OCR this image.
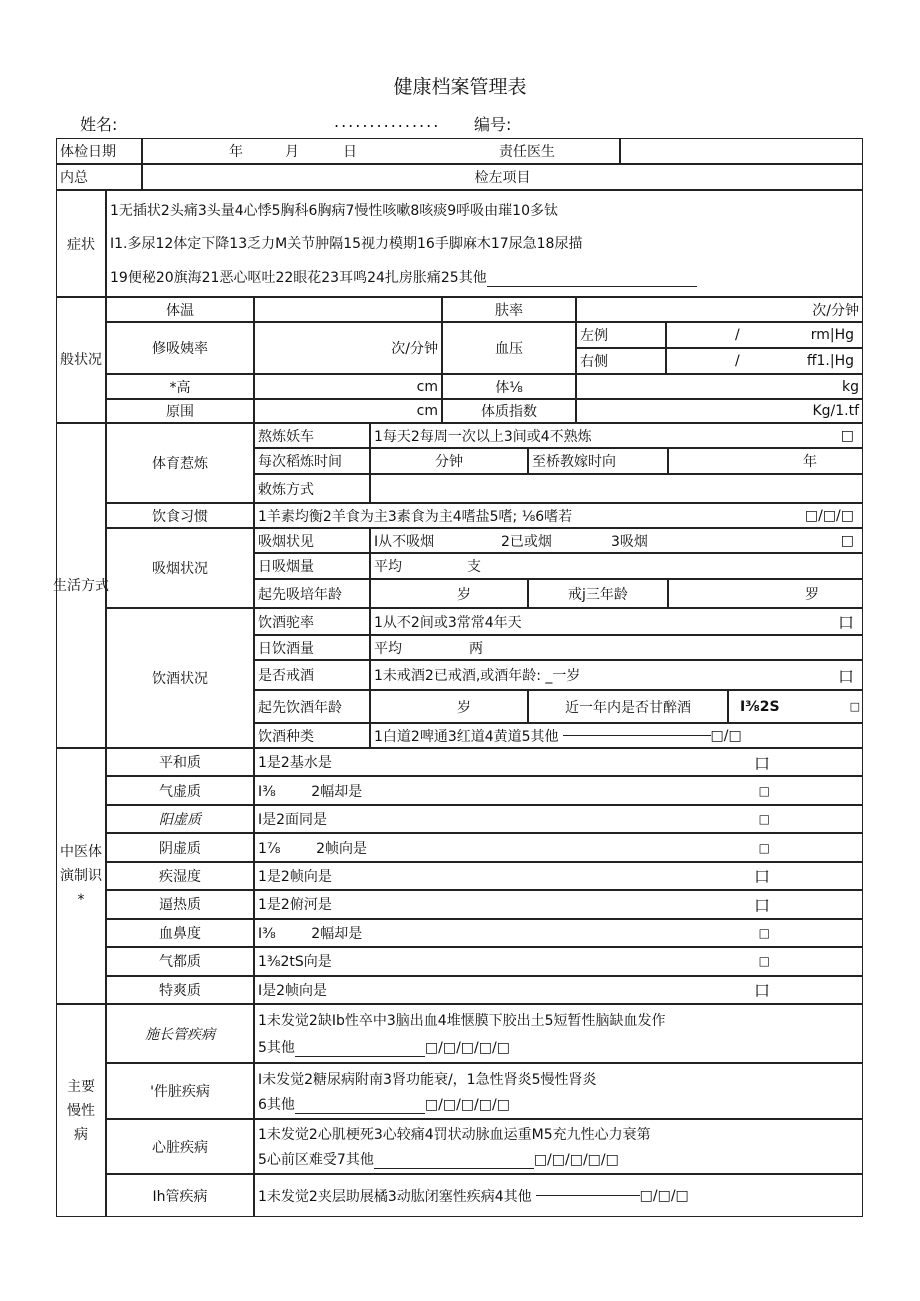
健康档案管理表
姓名:	............... 编号:
体检日期	年	月	日	责任医生
内总	检左项目
症状
1无插状2头痛3头量4心悸5胸科6胸病7慢性咳嗽8咳痰9呼吸由璀10多钛
I1.多尿12体定下降13乏力M关节肿隔15视力模期16手脚麻木17尿急18尿描
19便秘20旗海21恶心呕吐22眼花23耳鸣24扎房胀痛25其他
般状况
体温	肤率	次/分钟
修吸姨率	次/分钟	血压
左例	/	rm|Hg
右侧	/	ff1.|Hg
*高	cm	体⅛	kg
原围	cm	体质指数	Kg/1.tf
生活方式
体育惹炼
熬炼妖车	1每天2每周一次以上3间或4不熟炼	□
每次稻炼时间	分钟	至桥教嫁时向	年
敕炼方式
饮食习惯	1羊素均衡2羊食为主3素食为主4嗜盐5嗜; ⅛6嗜若	□/□/□
吸烟状况
吸烟状见	I从不吸烟	2已或烟	3吸烟	□
日吸烟量	平均	支
起先吸培年龄	岁	戒j三年龄	罗
饮酒状况
饮酒驼率	1从不2间或3常常4年天	口
日饮酒量	平均	两
是否戒酒	1未戒酒2已戒酒,或酒年龄: _一岁	口
起先饮酒年龄	岁	近一年内是否甘醉酒	I⅜2S	□
饮酒种类	1白道2啤通3红道4黄道5其他	□/□
中医体
演制识
*
平和质	1是2基水是	口
气虚质	I⅜        2幅却是	□
阳虚质	I是2面同是	□
阴虚质	1⅞        2帧向是	□
疾湿度	1是2帧向是	口
逼热质	1是2俯河是	口
血鼻度	I⅜        2幅却是	□
气都质	1⅜2tS向是	□
特爽质	I是2帧向是	口
主要
慢性
病
施长管疾病
1未发觉2缺Ib性卒中3脑出血4堆惬膜下胶出土5短暂性脑缺血发作
5其他	□/□/□/□/□
'件脏疾病
I未发觉2糖尿病附南3肾功能衰/，1急性肾炎5慢性肾炎
6其他	□/□/□/□/□
心脏疾病
1未发觉2心肌梗死3心较痛4罚状动脉血运重M5充九性心力衰第
5心前区难受7其他	□/□/□/□/□
Ih管疾病	1未发觉2夹层助展橘3动肱闭塞性疾病4其他	□/□/□
